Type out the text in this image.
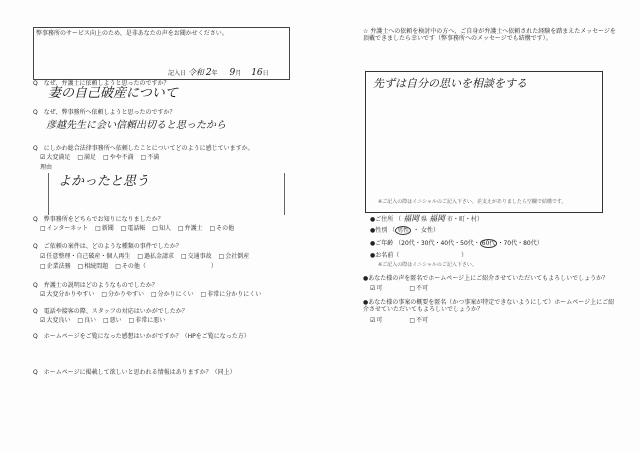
弊事務所のサービス向上のため、是非あなたの声をお聞かせください。
記入日 令和 2年 9月 16日
Q　なぜ、弁護士に依頼しようと思ったのですか？
妻の自己破産について
Q　なぜ、弊事務所へ依頼しようと思ったのですか？
彦越先生に会い信頼出切ると思ったから
Q　にしかわ総合法律事務所へ依頼したことについてどのように感じていますか。
☑ 大変満足 □ 満足 □ やや不満 □ 不満
理由
よかったと思う
Q　弊事務所をどちらでお知りになりましたか？
□ インターネット □ 新聞 □ 電話帳 □ 知人 □ 弁護士 □ その他
Q　ご依頼の案件は、どのような種類の事件でしたか？
☑ 任意整理・自己破産・個人再生 □ 過払金請求 □ 交通事故 □ 会社倒産
□ 企業法務 □ 相続問題 □ その他（	）
Q　弁護士の説明はどのようなものでしたか？
☑ 大変分かりやすい □ 分かりやすい □ 分かりにくい □ 非常に分かりにくい
Q　電話や接客の際、スタッフの対応はいかがでしたか？
☑ 大変良い □ 良い □ 悪い □ 非常に悪い
Q　ホームページをご覧になった感想はいかがですか？（HPをご覧になった方）
Q　ホームページに掲載して欲しいと思われる情報はありますか？（同上）
☆ 弁護士への依頼を検討中の方へ、ご自身が弁護士へ依頼された経験を踏まえたメッセージを頂戴できましたら幸いです（弊事務所へのメッセージでも結構です）。
先ずは自分の思いを相談をする
※ご記入の際はイニシャルのご記入下さい。差支えがありましたら空欄で結構です。
●ご住所 （ 福岡 県 福岡 市・町・村）
●性別 （ 男性 ・ 女性）
●ご年齢 （20代・30代・40代・50代・ 60代 ・70代・80代）
●お名前（	）
※ご記入の際はイニシャルのご記入下さい。
●あなた様の声を匿名でホームページ上にご紹介させていただいてもよろしいでしょうか？
☑ 可	□ 不可
●あなた様の事案の概要を匿名（かつ事案が特定できないようにして）ホームページ上にご紹介させていただいてもよろしいでしょうか？
☑ 可	□ 不可
